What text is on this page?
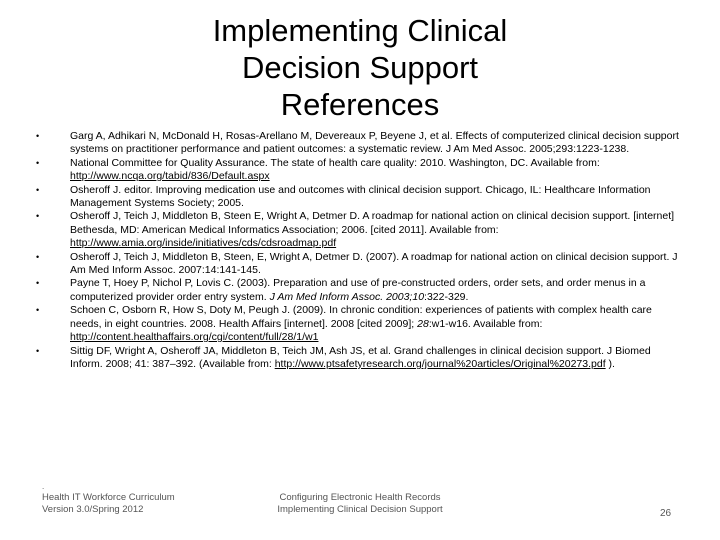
Implementing Clinical
Decision Support
References
•	Garg A, Adhikari N, McDonald H, Rosas-Arellano M, Devereaux P, Beyene J, et al. Effects of computerized clinical decision support systems on practitioner performance and patient outcomes: a systematic review. J Am Med Assoc. 2005;293:1223-1238.
•	National Committee for Quality Assurance. The state of health care quality: 2010. Washington, DC. Available from: http://www.ncqa.org/tabid/836/Default.aspx
•	Osheroff J. editor. Improving medication use and outcomes with clinical decision support. Chicago, IL: Healthcare Information Management Systems Society; 2005.
•	Osheroff J, Teich J, Middleton B, Steen E, Wright A, Detmer D. A roadmap for national action on clinical decision support. [internet] Bethesda, MD: American Medical Informatics Association; 2006. [cited 2011]. Available from: http://www.amia.org/inside/initiatives/cds/cdsroadmap.pdf
•	Osheroff J, Teich J, Middleton B, Steen, E, Wright A, Detmer D. (2007). A roadmap for national action on clinical decision support. J Am Med Inform Assoc. 2007:14:141-145.
•	Payne T, Hoey P, Nichol P, Lovis C. (2003). Preparation and use of pre-constructed orders, order sets, and order menus in a computerized provider order entry system. J Am Med Inform Assoc. 2003;10:322-329.
•	Schoen C, Osborn R, How S, Doty M, Peugh J. (2009). In chronic condition: experiences of patients with complex health care needs, in eight countries. 2008. Health Affairs [internet]. 2008 [cited 2009]; 28:w1-w16. Available from: http://content.healthaffairs.org/cgi/content/full/28/1/w1
•	Sittig DF, Wright A, Osheroff JA, Middleton B, Teich JM, Ash JS, et al. Grand challenges in clinical decision support. J Biomed Inform. 2008; 41: 387–392. (Available from: http://www.ptsafetyresearch.org/journal%20articles/Original%20273.pdf ).
.
Health IT Workforce Curriculum
Version 3.0/Spring 2012
Configuring Electronic Health Records
Implementing Clinical Decision Support	26
